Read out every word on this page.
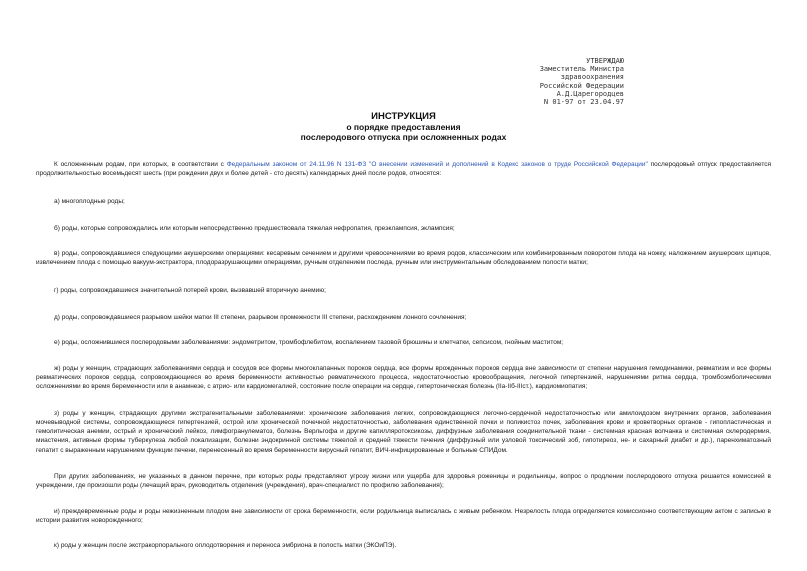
УТВЕРЖДАЮ
Заместитель Министра
здравоохранения
Российской Федерации
А.Д.Царегородцев
N 01-97 от 23.04.97
ИНСТРУКЦИЯ
о порядке предоставления
послеродового отпуска при осложненных родах

К осложненным родам, при которых, в соответствии с Федеральным законом от 24.11.96 N 131-ФЗ "О внесении изменений и дополнений в Кодекс законов о труде Российской Федерации" послеродовый отпуск предоставляется продолжительностью восемьдесят шесть (при рождении двух и более детей - сто десять) календарных дней после родов, относятся:

а) многоплодные роды;

б) роды, которые сопровождались или которым непосредственно предшествовала тяжелая нефропатия, преэклампсия, эклампсия;

в) роды, сопровождавшиеся следующими акушерскими операциями: кесаревым сечением и другими чревосечениями во время родов, классическим или комбинированным поворотом плода на ножку, наложением акушерских щипцов, извлечением плода с помощью вакуум-экстрактора, плодоразрушающими операциями, ручным отделением последа, ручным или инструментальным обследованием полости матки;

г) роды, сопровождавшиеся значительной потерей крови, вызвавшей вторичную анемию;

д) роды, сопровождавшиеся разрывом шейки матки III степени, разрывом промежности III степени, расхождением лонного сочленения;

е) роды, осложнившиеся послеродовыми заболеваниями: эндометритом, тромбофлебитом, воспалением тазовой брюшины и клетчатки, сепсисом, гнойным маститом;

ж) роды у женщин, страдающих заболеваниями сердца и сосудов все формы многоклапанных пороков сердца, все формы врожденных пороков сердца вне зависимости от степени нарушения гемодинамики, ревматизм и все формы ревматических пороков сердца, сопровождающиеся во время беременности активностью ревматического процесса, недостаточностью кровообращения, легочной гипертензией, нарушениями ритма сердца, тромбоэмболическими осложнениями во время беременности или в анамнезе, с атрио- или кардиомегалией, состояние после операции на сердце, гипертоническая болезнь (IIa-IIб-IIIст.), кардиомиопатия;

з) роды у женщин, страдающих другими экстрагенитальными заболеваниями: хронические заболевания легких, сопровождающиеся легочно-сердечной недостаточностью или амилоидозом внутренних органов, заболевания мочевыводной системы, сопровождающиеся гипертензией, острой или хронической почечной недостаточностью, заболевания единственной почки и поликистоз почек, заболевания крови и кроветворных органов - гипопластическая и гемолитическая анемии, острый и хронический лейкоз, лимфогранулематоз, болезнь Верльгофа и другие капилляротоксикозы, диффузные заболевания соединительной ткани - системная красная волчанка и системная склеродермия, миастения, активные формы туберкулеза любой локализации, болезни эндокринной системы тяжелой и средней тяжести течения (диффузный или узловой токсический зоб, гипотиреоз, не- и сахарный диабет и др.), паренхиматозный гепатит с выраженным нарушением функции печени, перенесенный во время беременности вирусный гепатит, ВИЧ-инфицированные и больные СПИДом.

При других заболеваниях, не указанных в данном перечне, при которых роды представляют угрозу жизни или ущерба для здоровья роженицы и родильницы, вопрос о продлении послеродового отпуска решается комиссией в учреждении, где произошли роды (лечащий врач, руководитель отделения (учреждения), врач-специалист по профилю заболевания);

и) преждевременные роды и роды нежизненным плодом вне зависимости от срока беременности, если родильница выписалась с живым ребенком. Незрелость плода определяется комиссионно соответствующим актом с записью в истории развития новорожденного;

к) роды у женщин после экстракорпорального оплодотворения и переноса эмбриона в полость матки (ЭКОиПЭ).
